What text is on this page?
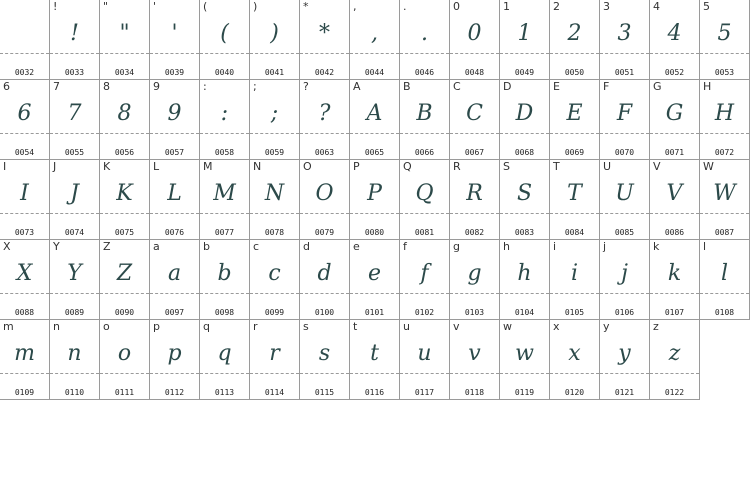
0032
!
!
0033
"
"
0034
'
'
0039
(
(
0040
)
)
0041
*
*
0042
,
,
0044
.
.
0046
0
0
0048
1
1
0049
2
2
0050
3
3
0051
4
4
0052
5
5
0053
6
6
0054
7
7
0055
8
8
0056
9
9
0057
:
:
0058
;
;
0059
?
?
0063
A
A
0065
B
B
0066
C
C
0067
D
D
0068
E
E
0069
F
F
0070
G
G
0071
H
H
0072
I
I
0073
J
J
0074
K
K
0075
L
L
0076
M
M
0077
N
N
0078
O
O
0079
P
P
0080
Q
Q
0081
R
R
0082
S
S
0083
T
T
0084
U
U
0085
V
V
0086
W
W
0087
X
X
0088
Y
Y
0089
Z
Z
0090
a
a
0097
b
b
0098
c
c
0099
d
d
0100
e
e
0101
f
f
0102
g
g
0103
h
h
0104
i
i
0105
j
j
0106
k
k
0107
l
l
0108
m
m
0109
n
n
0110
o
o
0111
p
p
0112
q
q
0113
r
r
0114
s
s
0115
t
t
0116
u
u
0117
v
v
0118
w
w
0119
x
x
0120
y
y
0121
z
z
0122
